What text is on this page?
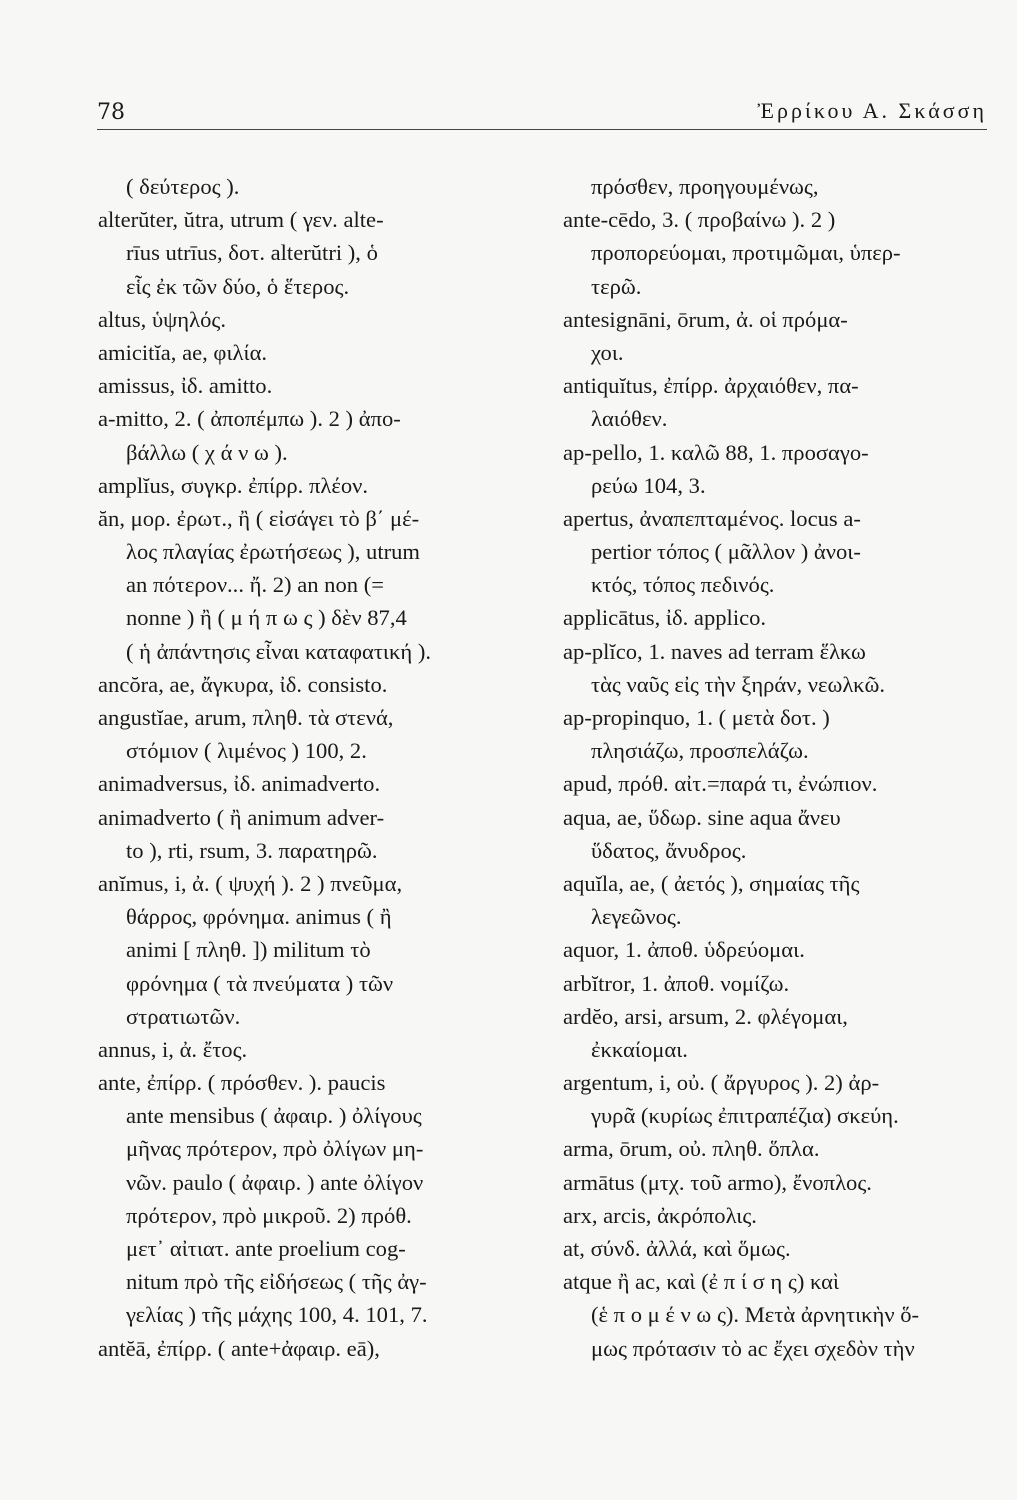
78	Ἐρρίκου Α. Σκάσση
( δεύτερος ).
alterŭter, ŭtra, utrum ( γεν. alte-
rīus utrīus, δοτ. alterŭtri ), ὁ
εἷς ἐκ τῶν δύο, ὁ ἕτερος.
altus, ὑψηλός.
amicitĭa, ae, φιλία.
amissus, ἰδ. amitto.
a-mitto, 2. ( ἀποπέμπω ). 2 ) ἀπο-
βάλλω ( χ ά ν ω ).
amplĭus, συγκρ. ἐπίρρ. πλέον.
ăn, μορ. ἐρωτ., ἢ ( εἰσάγει τὸ β΄ μέ-
λος πλαγίας ἐρωτήσεως ), utrum
an πότερον... ἤ. 2) an non (=
nonne ) ἢ ( μ ή π ω ς ) δὲν 87,4
( ἡ ἀπάντησις εἶναι καταφατική ).
ancŏra, ae, ἄγκυρα, ἰδ. consisto.
angustĭae, arum, πληθ. τὰ στενά,
στόμιον ( λιμένος ) 100, 2.
animadversus, ἰδ. animadverto.
animadverto ( ἢ animum adver-
to ), rti, rsum, 3. παρατηρῶ.
anĭmus, i, ἀ. ( ψυχή ). 2 ) πνεῦμα,
θάρρος, φρόνημα. animus ( ἢ
animi [ πληθ. ]) militum τὸ
φρόνημα ( τὰ πνεύματα ) τῶν
στρατιωτῶν.
annus, i, ἀ. ἔτος.
ante, ἐπίρρ. ( πρόσθεν. ). paucis
ante mensibus ( ἀφαιρ. ) ὀλίγους
μῆνας πρότερον, πρὸ ὀλίγων μη-
νῶν. paulo ( ἀφαιρ. ) ante ὀλίγον
πρότερον, πρὸ μικροῦ. 2) πρόθ.
μετ᾽ αἰτιατ. ante proelium cog-
nitum πρὸ τῆς εἰδήσεως ( τῆς ἀγ-
γελίας ) τῆς μάχης 100, 4. 101, 7.
antĕā, ἐπίρρ. ( ante+ἀφαιρ. eā),
πρόσθεν, προηγουμένως,
ante-cēdo, 3. ( προβαίνω ). 2 )
προπορεύομαι, προτιμῶμαι, ὑπερ-
τερῶ.
antesignāni, ōrum, ἀ. οἱ πρόμα-
χοι.
antiquĭtus, ἐπίρρ. ἀρχαιόθεν, πα-
λαιόθεν.
ap-pello, 1. καλῶ 88, 1. προσαγο-
ρεύω 104, 3.
apertus, ἀναπεπταμένος. locus a-
pertior τόπος ( μᾶλλον ) ἀνοι-
κτός, τόπος πεδινός.
applicātus, ἰδ. applico.
ap-plĭco, 1. naves ad terram ἕλκω
τὰς ναῦς εἰς τὴν ξηράν, νεωλκῶ.
ap-propinquo, 1. ( μετὰ δοτ. )
πλησιάζω, προσπελάζω.
apud, πρόθ. αἰτ.=παρά τι, ἐνώπιον.
aqua, ae, ὕδωρ. sine aqua ἄνευ
ὕδατος, ἄνυδρος.
aquĭla, ae, ( ἀετός ), σημαίας τῆς
λεγεῶνος.
aquor, 1. ἀποθ. ὑδρεύομαι.
arbĭtror, 1. ἀποθ. νομίζω.
ardĕo, arsi, arsum, 2. φλέγομαι,
ἐκκαίομαι.
argentum, i, οὐ. ( ἄργυρος ). 2) ἀρ-
γυρᾶ (κυρίως ἐπιτραπέζια) σκεύη.
arma, ōrum, οὐ. πληθ. ὅπλα.
armātus (μτχ. τοῦ armo), ἔνοπλος.
arx, arcis, ἀκρόπολις.
at, σύνδ. ἀλλά, καὶ ὅμως.
atque ἢ ac, καὶ (ἐ π ί σ η ς) καὶ
(ἑ π ο μ έ ν ω ς). Μετὰ ἀρνητικὴν ὅ-
μως πρότασιν τὸ ac ἔχει σχεδὸν τὴν
